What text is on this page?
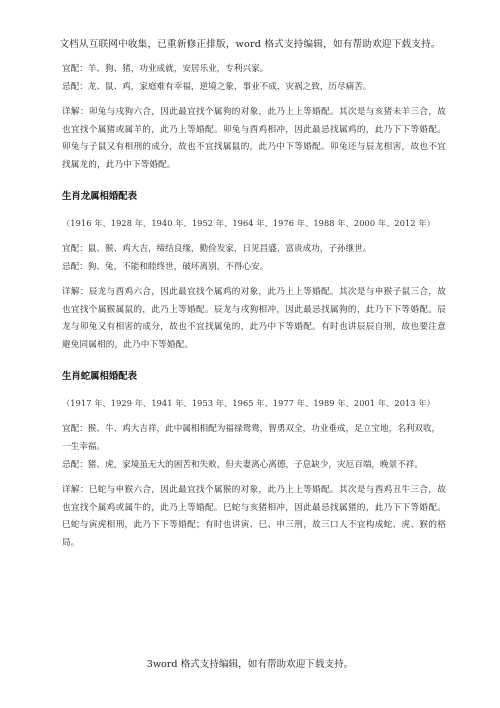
文档从互联网中收集，已重新修正排版，word 格式支持编辑，如有帮助欢迎下载支持。

宜配：羊、狗、猪，功业成就，安居乐业，专利兴家。

忌配：龙、鼠、鸡，家庭难有幸福，逆境之象，事业不成，灾祸之致，历尽痛苦。

详解：卯兔与戌狗六合，因此最宜找个属狗的对象，此乃上上等婚配。其次是与亥猪未羊三合，故也宜找个属猪或属羊的，此乃上等婚配。卯兔与酉鸡相冲，因此最忌找属鸡的，此乃下下等婚配。卯兔与子鼠又有相刑的成分，故也不宜找属鼠的，此乃中下等婚配。卯兔还与辰龙相害，故也不宜找属龙的，此乃中下等婚配。

生肖龙属相婚配表

（1916 年、1928 年、1940 年、1952 年、1964 年、1976 年、1988 年、2000 年、2012 年）

宜配：鼠、猴、鸡大吉，缔结良缘，勤俭发家，日见昌盛，富贵成功，子孙继世。

忌配：狗、兔，不能和睦终世，破坏离别，不得心安。

详解：辰龙与酉鸡六合，因此最宜找个属鸡的对象，此乃上上等婚配。其次是与申猴子鼠三合，故也宜找个属猴属鼠的，此乃上等婚配。辰龙与戌狗相冲，因此最忌找属狗的，此乃下下等婚配。辰龙与卯兔又有相害的成分，故也不宜找属兔的，此乃中下等婚配。有时也讲辰辰自刑，故也要注意避免同属相的，此乃中下等婚配。

生肖蛇属相婚配表

（1917 年、1929 年、1941 年、1953 年、1965 年、1977 年、1989 年、2001 年、2013 年）

宜配：猴、牛、鸡大吉祥，此中属相相配为福禄鸳鸯，智勇双全，功业垂成，足立宝地，名利双收，一生幸福。

忌配：猪、虎，家境虽无大的困苦和失败，但夫妻离心离德，子息缺少，灾厄百端，晚景不祥。

详解：巳蛇与申猴六合，因此最宜找个属猴的对象，此乃上上等婚配。其次是与酉鸡丑牛三合，故也宜找个属鸡或属牛的，此乃上等婚配。巳蛇与亥猪相冲，因此最忌找属猪的，此乃下下等婚配。巳蛇与寅虎相刑，此乃下下等婚配；有时也讲寅、巳、申三刑，故三口人不宜构成蛇、虎、猴的格局。

3word 格式支持编辑，如有帮助欢迎下载支持。
